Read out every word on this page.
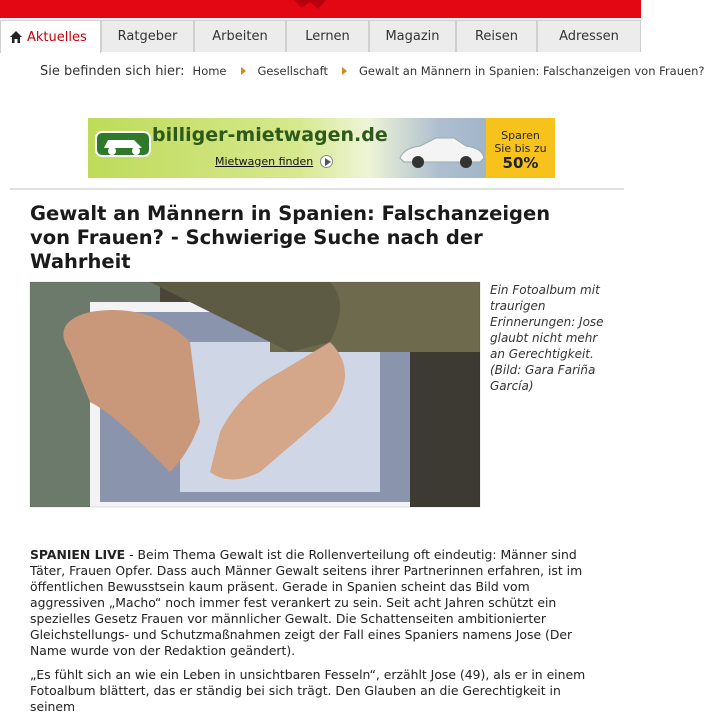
Aktuelles Ratgeber	Arbeiten	Lernen	Magazin	Reisen	Adressen
Sie befinden sich hier: Home	Gesellschaft	Gewalt an Männern in Spanien: Falschanzeigen von Frauen?
billiger-mietwagen.de
Mietwagen finden
Sparen
Sie bis zu
50%
Gewalt an Männern in Spanien: Falschanzeigen von Frauen? - Schwierige Suche nach der Wahrheit

Ein Fotoalbum mit traurigen Erinnerungen: Jose glaubt nicht mehr an Gerechtigkeit. (Bild: Gara Fariña García)

SPANIEN LIVE - Beim Thema Gewalt ist die Rollenverteilung oft eindeutig: Männer sind Täter, Frauen Opfer. Dass auch Männer Gewalt seitens ihrer Partnerinnen erfahren, ist im öffentlichen Bewusstsein kaum präsent. Gerade in Spanien scheint das Bild vom aggressiven „Macho“ noch immer fest verankert zu sein. Seit acht Jahren schützt ein spezielles Gesetz Frauen vor männlicher Gewalt. Die Schattenseiten ambitionierter Gleichstellungs- und Schutzmaßnahmen zeigt der Fall eines Spaniers namens Jose (Der Name wurde von der Redaktion geändert).

„Es fühlt sich an wie ein Leben in unsichtbaren Fesseln“, erzählt Jose (49), als er in einem Fotoalbum blättert, das er ständig bei sich trägt. Den Glauben an die Gerechtigkeit in seinem
